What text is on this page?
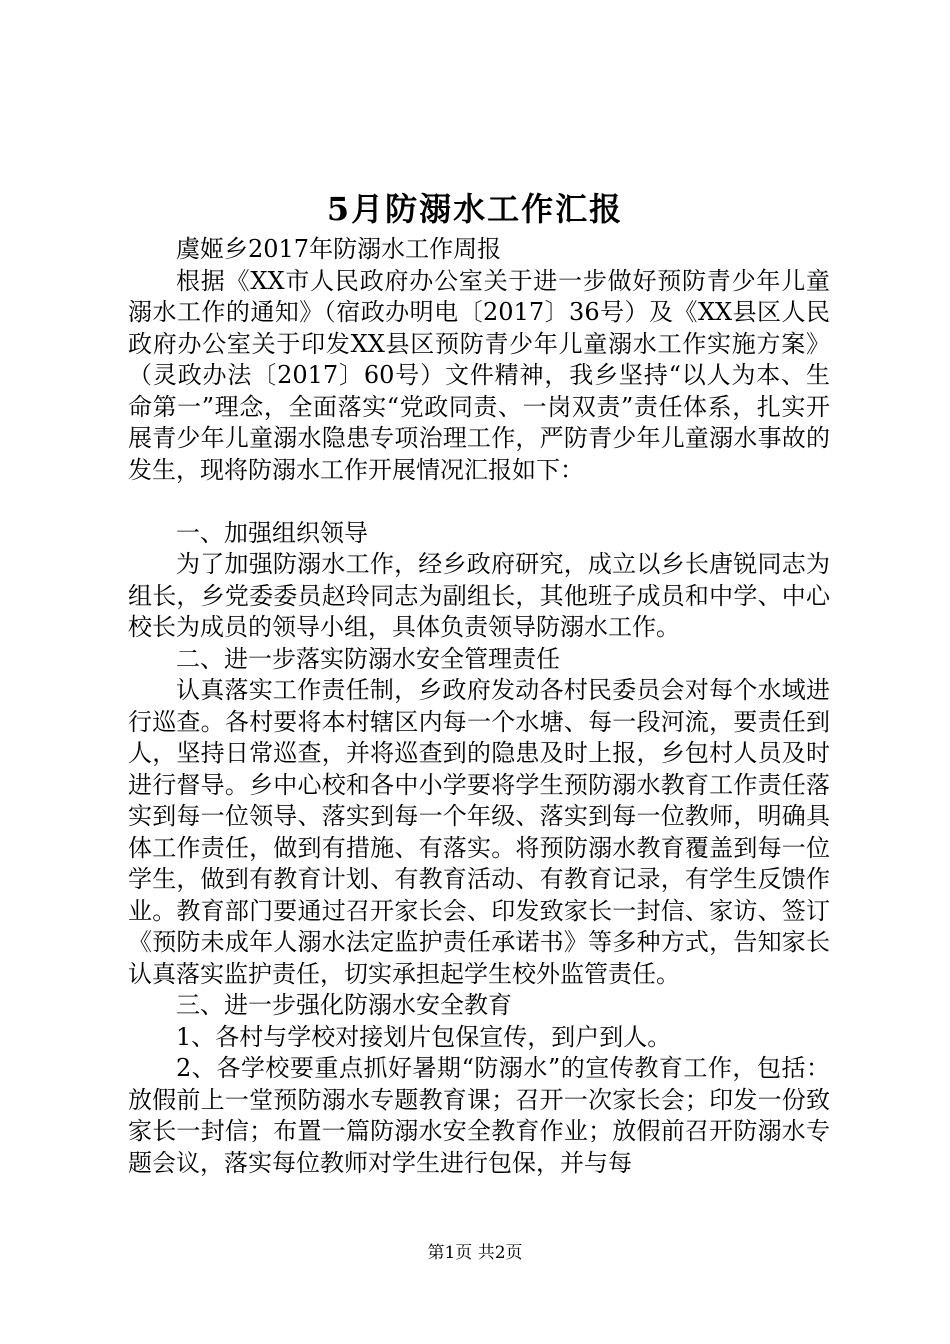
5月防溺水工作汇报

虞姬乡2017年防溺水工作周报

根据《XX市人民政府办公室关于进一步做好预防青少年儿童溺水工作的通知》（宿政办明电〔2017〕36号）及《XX县区人民政府办公室关于印发XX县区预防青少年儿童溺水工作实施方案》（灵政办法〔2017〕60号）文件精神，我乡坚持“以人为本、生命第一”理念，全面落实“党政同责、一岗双责”责任体系，扎实开展青少年儿童溺水隐患专项治理工作，严防青少年儿童溺水事故的发生，现将防溺水工作开展情况汇报如下：

一、加强组织领导

为了加强防溺水工作，经乡政府研究，成立以乡长唐锐同志为组长，乡党委委员赵玲同志为副组长，其他班子成员和中学、中心校长为成员的领导小组，具体负责领导防溺水工作。

二、进一步落实防溺水安全管理责任

认真落实工作责任制，乡政府发动各村民委员会对每个水域进行巡查。各村要将本村辖区内每一个水塘、每一段河流，要责任到人，坚持日常巡查，并将巡查到的隐患及时上报，乡包村人员及时进行督导。乡中心校和各中小学要将学生预防溺水教育工作责任落实到每一位领导、落实到每一个年级、落实到每一位教师，明确具体工作责任，做到有措施、有落实。将预防溺水教育覆盖到每一位学生，做到有教育计划、有教育活动、有教育记录，有学生反馈作业。教育部门要通过召开家长会、印发致家长一封信、家访、签订《预防未成年人溺水法定监护责任承诺书》等多种方式，告知家长认真落实监护责任，切实承担起学生校外监管责任。

三、进一步强化防溺水安全教育

1、各村与学校对接划片包保宣传，到户到人。

2、各学校要重点抓好暑期“防溺水”的宣传教育工作，包括：放假前上一堂预防溺水专题教育课；召开一次家长会；印发一份致家长一封信；布置一篇防溺水安全教育作业；放假前召开防溺水专题会议，落实每位教师对学生进行包保，并与每

第1页 共2页
